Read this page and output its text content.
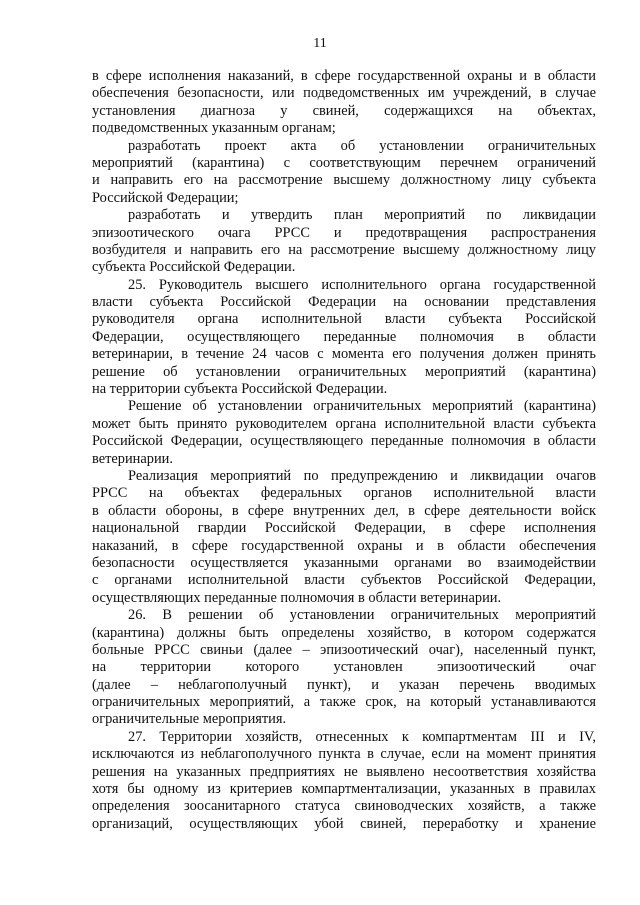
11
в сфере исполнения наказаний, в сфере государственной охраны и в области
обеспечения безопасности, или подведомственных им учреждений, в случае
установления диагноза у свиней, содержащихся на объектах,
подведомственных указанным органам;
разработать проект акта об установлении ограничительных
мероприятий (карантина) с соответствующим перечнем ограничений
и направить его на рассмотрение высшему должностному лицу субъекта
Российской Федерации;
разработать и утвердить план мероприятий по ликвидации
эпизоотического очага РРСС и предотвращения распространения
возбудителя и направить его на рассмотрение высшему должностному лицу
субъекта Российской Федерации.
25. Руководитель высшего исполнительного органа государственной
власти субъекта Российской Федерации на основании представления
руководителя органа исполнительной власти субъекта Российской
Федерации, осуществляющего переданные полномочия в области
ветеринарии, в течение 24 часов с момента его получения должен принять
решение об установлении ограничительных мероприятий (карантина)
на территории субъекта Российской Федерации.
Решение об установлении ограничительных мероприятий (карантина)
может быть принято руководителем органа исполнительной власти субъекта
Российской Федерации, осуществляющего переданные полномочия в области
ветеринарии.
Реализация мероприятий по предупреждению и ликвидации очагов
РРСС на объектах федеральных органов исполнительной власти
в области обороны, в сфере внутренних дел, в сфере деятельности войск
национальной гвардии Российской Федерации, в сфере исполнения
наказаний, в сфере государственной охраны и в области обеспечения
безопасности осуществляется указанными органами во взаимодействии
с органами исполнительной власти субъектов Российской Федерации,
осуществляющих переданные полномочия в области ветеринарии.
26. В решении об установлении ограничительных мероприятий
(карантина) должны быть определены хозяйство, в котором содержатся
больные РРСС свиньи (далее – эпизоотический очаг), населенный пункт,
на территории которого установлен эпизоотический очаг
(далее – неблагополучный пункт), и указан перечень вводимых
ограничительных мероприятий, а также срок, на который устанавливаются
ограничительные мероприятия.
27. Территории хозяйств, отнесенных к компартментам III и IV,
исключаются из неблагополучного пункта в случае, если на момент принятия
решения на указанных предприятиях не выявлено несоответствия хозяйства
хотя бы одному из критериев компартментализации, указанных в правилах
определения зоосанитарного статуса свиноводческих хозяйств, а также
организаций, осуществляющих убой свиней, переработку и хранение
